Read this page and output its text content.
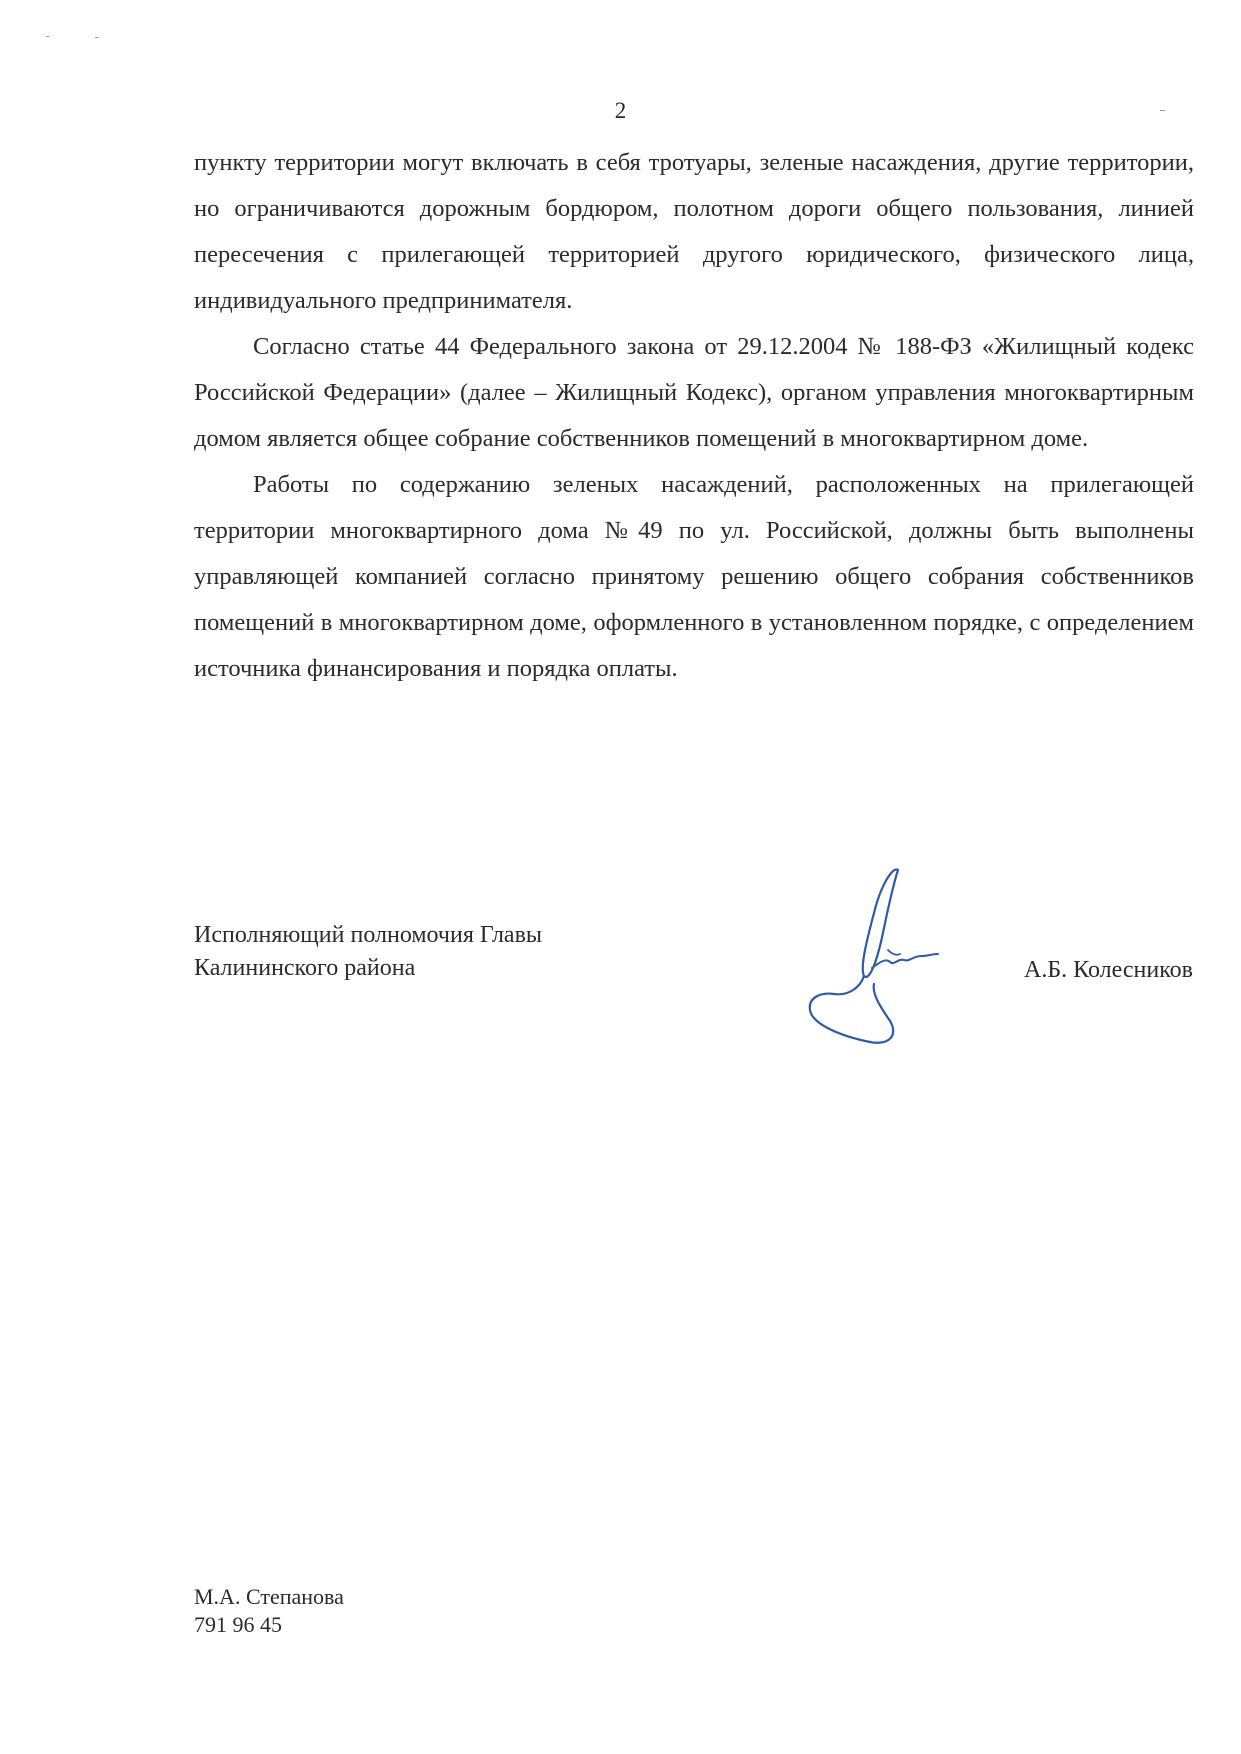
2

пункту территории могут включать в себя тротуары, зеленые насаждения, другие территории, но ограничиваются дорожным бордюром, полотном дороги общего пользования, линией пересечения с прилегающей территорией другого юридического, физического лица, индивидуального предпринимателя.

Согласно статье 44 Федерального закона от 29.12.2004 № 188-ФЗ «Жилищный кодекс Российской Федерации» (далее – Жилищный Кодекс), органом управления многоквартирным домом является общее собрание собственников помещений в многоквартирном доме.

Работы по содержанию зеленых насаждений, расположенных на прилегающей территории многоквартирного дома №49 по ул. Российской, должны быть выполнены управляющей компанией согласно принятому решению общего собрания собственников помещений в многоквартирном доме, оформленного в установленном порядке, с определением источника финансирования и порядка оплаты.

Исполняющий полномочия Главы
Калининского района	А.Б. Колесников
М.А. Степанова
791 96 45
